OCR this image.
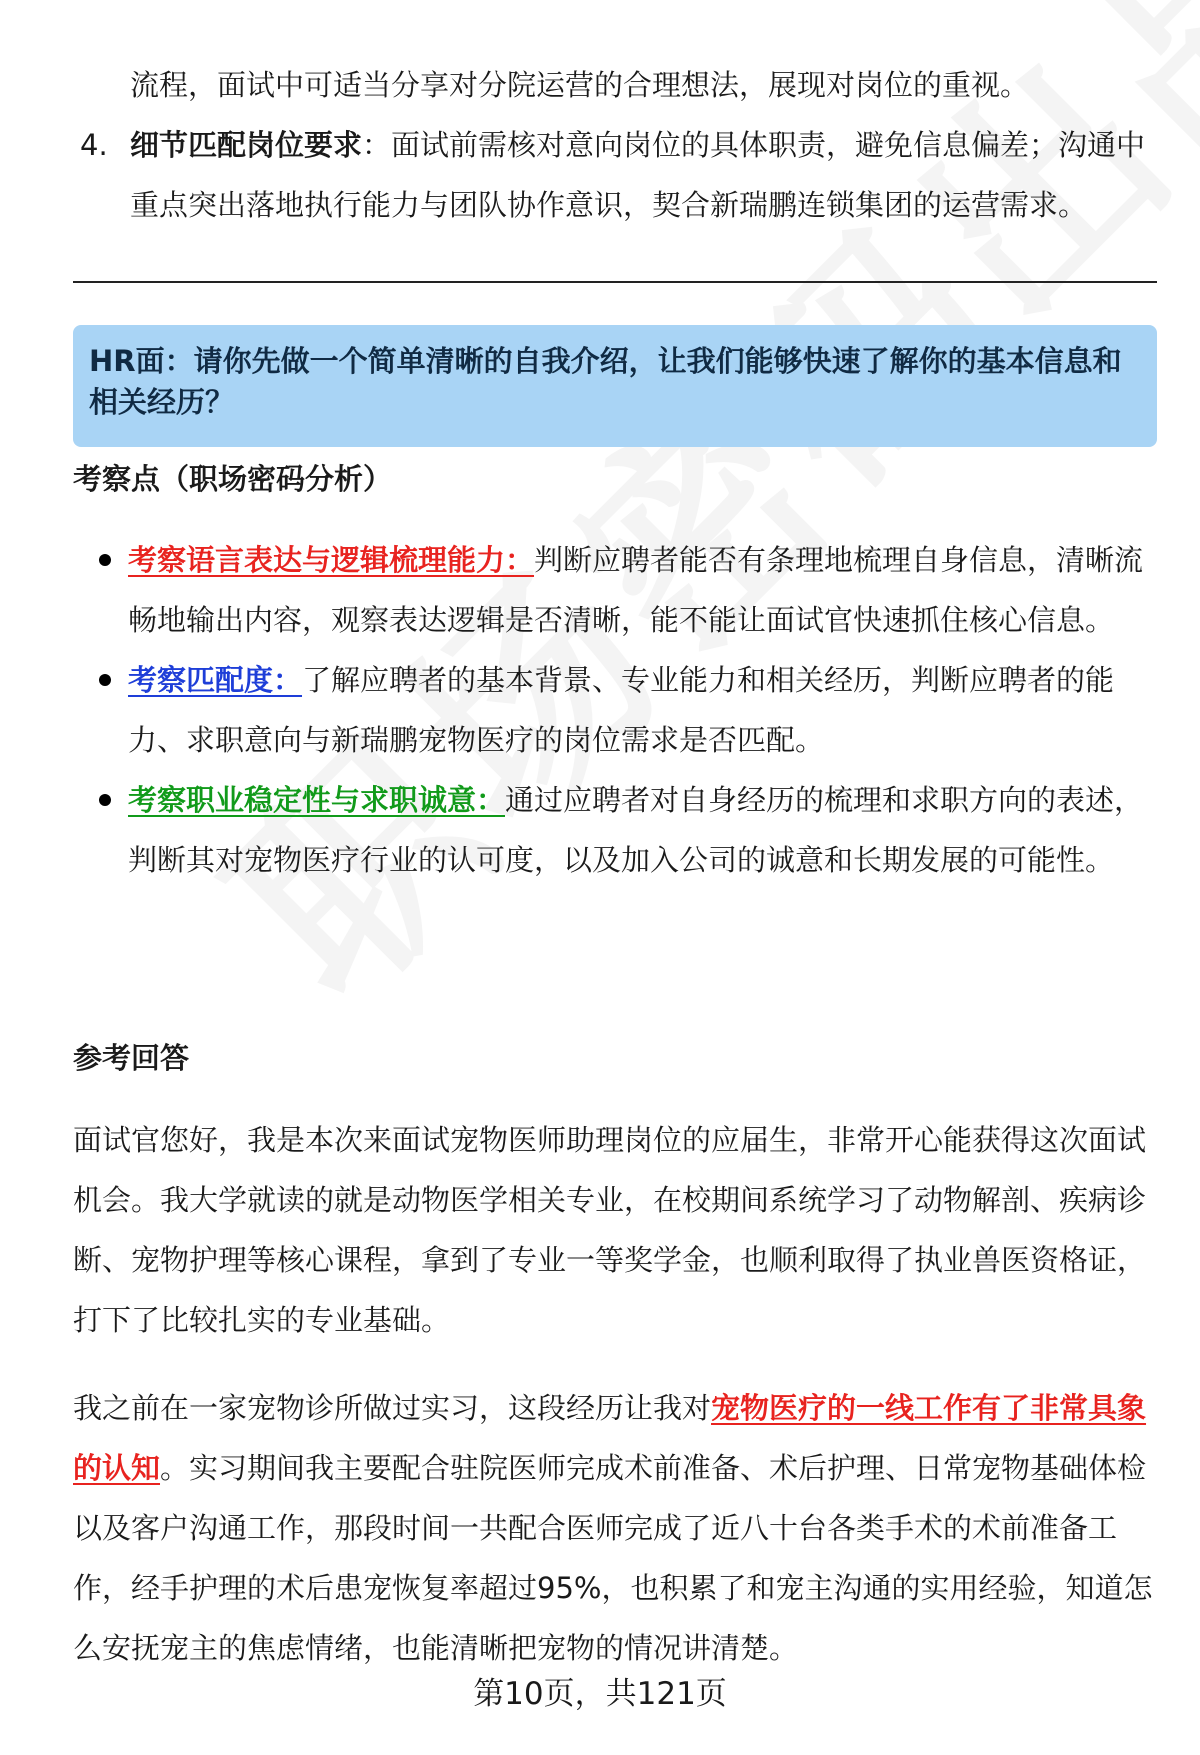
流程，面试中可适当分享对分院运营的合理想法，展现对岗位的重视。
4. 细节匹配岗位要求：面试前需核对意向岗位的具体职责，避免信息偏差；沟通中重点突出落地执行能力与团队协作意识，契合新瑞鹏连锁集团的运营需求。
HR面：请你先做一个简单清晰的自我介绍，让我们能够快速了解你的基本信息和相关经历？
考察点（职场密码分析）
考察语言表达与逻辑梳理能力：判断应聘者能否有条理地梳理自身信息，清晰流畅地输出内容，观察表达逻辑是否清晰，能不能让面试官快速抓住核心信息。
考察匹配度：了解应聘者的基本背景、专业能力和相关经历，判断应聘者的能力、求职意向与新瑞鹏宠物医疗的岗位需求是否匹配。
考察职业稳定性与求职诚意：通过应聘者对自身经历的梳理和求职方向的表述，判断其对宠物医疗行业的认可度，以及加入公司的诚意和长期发展的可能性。
参考回答
面试官您好，我是本次来面试宠物医师助理岗位的应届生，非常开心能获得这次面试机会。我大学就读的就是动物医学相关专业，在校期间系统学习了动物解剖、疾病诊断、宠物护理等核心课程，拿到了专业一等奖学金，也顺利取得了执业兽医资格证，打下了比较扎实的专业基础。
我之前在一家宠物诊所做过实习，这段经历让我对宠物医疗的一线工作有了非常具象的认知。实习期间我主要配合驻院医师完成术前准备、术后护理、日常宠物基础体检以及客户沟通工作，那段时间一共配合医师完成了近八十台各类手术的术前准备工作，经手护理的术后患宠恢复率超过95%，也积累了和宠主沟通的实用经验，知道怎么安抚宠主的焦虑情绪，也能清晰把宠物的情况讲清楚。
第10页，共121页
